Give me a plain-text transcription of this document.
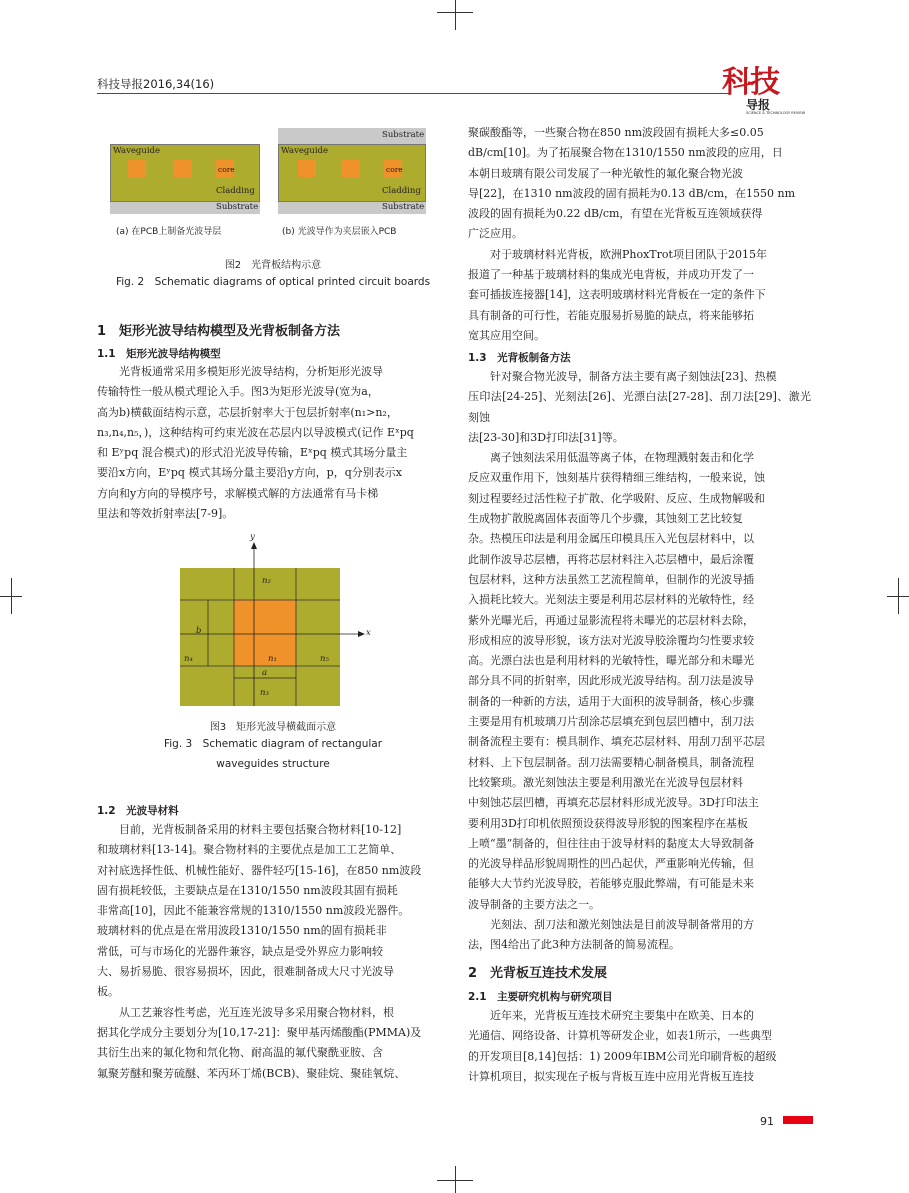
科技导报2016,34(16)	科技
导报
SCIENCE & TECHNOLOGY REVIEW
Waveguide
core
Cladding
Substrate
(a) 在PCB上制备光波导层
Substrate
Waveguide
core
Cladding
Substrate
(b) 光波导作为夹层嵌入PCB
图2　光背板结构示意
Fig. 2　Schematic diagrams of optical printed circuit boards
1　矩形光波导结构模型及光背板制备方法
1.1　矩形光波导结构模型

光背板通常采用多模矩形光波导结构，分析矩形光波导

传输特性一般从模式理论入手。图3为矩形光波导(宽为a，

高为b)横截面结构示意，芯层折射率大于包层折射率(n₁>n₂，

n₃,n₄,n₅，)，这种结构可约束光波在芯层内以导波模式(记作 Eˣpq

和 Eʸpq 混合模式)的形式沿光波导传输，Eˣpq 模式其场分量主

要沿x方向，Eʸpq 模式其场分量主要沿y方向，p，q分别表示x

方向和y方向的导模序号，求解模式解的方法通常有马卡梯

里法和等效折射率法[7-9]。

y
x
n₂
n₁
n₄	n₅
n₃
a
b
图3　矩形光波导横截面示意
Fig. 3　Schematic diagram of rectangular
waveguides structure
1.2　光波导材料

目前，光背板制备采用的材料主要包括聚合物材料[10-12]

和玻璃材料[13-14]。聚合物材料的主要优点是加工工艺简单、

对衬底选择性低、机械性能好、器件轻巧[15-16]，在850 nm波段

固有损耗较低，主要缺点是在1310/1550 nm波段其固有损耗

非常高[10]，因此不能兼容常规的1310/1550 nm波段光器件。

玻璃材料的优点是在常用波段1310/1550 nm的固有损耗非

常低，可与市场化的光器件兼容，缺点是受外界应力影响较

大、易折易脆、很容易损坏，因此，很难制备成大尺寸光波导

板。

从工艺兼容性考虑，光互连光波导多采用聚合物材料，根

据其化学成分主要划分为[10,17-21]：聚甲基丙烯酸酯(PMMA)及

其衍生出来的氟化物和氘化物、耐高温的氟代聚酰亚胺、含

氟聚芳醚和聚芳硫醚、苯丙环丁烯(BCB)、聚硅烷、聚硅氧烷、

聚碳酸酯等，一些聚合物在850 nm波段固有损耗大多≤0.05

dB/cm[10]。为了拓展聚合物在1310/1550 nm波段的应用，日

本朝日玻璃有限公司发展了一种光敏性的氟化聚合物光波

导[22]，在1310 nm波段的固有损耗为0.13 dB/cm，在1550 nm

波段的固有损耗为0.22 dB/cm，有望在光背板互连领域获得

广泛应用。

对于玻璃材料光背板，欧洲PhoxTrot项目团队于2015年

报道了一种基于玻璃材料的集成光电背板，并成功开发了一

套可插拔连接器[14]，这表明玻璃材料光背板在一定的条件下

具有制备的可行性，若能克服易折易脆的缺点，将来能够拓

宽其应用空间。

1.3　光背板制备方法

针对聚合物光波导，制备方法主要有离子刻蚀法[23]、热模

压印法[24-25]、光刻法[26]、光漂白法[27-28]、刮刀法[29]、激光刻蚀

法[23-30]和3D打印法[31]等。

离子蚀刻法采用低温等离子体，在物理溅射轰击和化学

反应双重作用下，蚀刻基片获得精细三维结构，一般来说，蚀

刻过程要经过活性粒子扩散、化学吸附、反应、生成物解吸和

生成物扩散脱离固体表面等几个步骤，其蚀刻工艺比较复

杂。热模压印法是利用金属压印模具压入光包层材料中，以

此制作波导芯层槽，再将芯层材料注入芯层槽中，最后涂覆

包层材料，这种方法虽然工艺流程简单，但制作的光波导插

入损耗比较大。光刻法主要是利用芯层材料的光敏特性，经

紫外光曝光后，再通过显影流程将未曝光的芯层材料去除，

形成相应的波导形貌，该方法对光波导胶涂覆均匀性要求较

高。光漂白法也是利用材料的光敏特性，曝光部分和未曝光

部分具不同的折射率，因此形成光波导结构。刮刀法是波导

制备的一种新的方法，适用于大面积的波导制备，核心步骤

主要是用有机玻璃刀片刮涂芯层填充到包层凹槽中，刮刀法

制备流程主要有：模具制作、填充芯层材料、用刮刀刮平芯层

材料、上下包层制备。刮刀法需要精心制备模具，制备流程

比较繁琐。激光刻蚀法主要是利用激光在光波导包层材料

中刻蚀芯层凹槽，再填充芯层材料形成光波导。3D打印法主

要利用3D打印机依照预设获得波导形貌的图案程序在基板

上喷“墨”制备的，但往往由于波导材料的黏度太大导致制备

的光波导样品形貌周期性的凹凸起伏，严重影响光传输，但

能够大大节约光波导胶，若能够克服此弊端，有可能是未来

波导制备的主要方法之一。

光刻法、刮刀法和激光刻蚀法是目前波导制备常用的方

法，图4给出了此3种方法制备的简易流程。

2　光背板互连技术发展
2.1　主要研究机构与研究项目

近年来，光背板互连技术研究主要集中在欧美、日本的

光通信、网络设备、计算机等研发企业，如表1所示，一些典型

的开发项目[8,14]包括：1) 2009年IBM公司光印刷背板的超级

计算机项目，拟实现在子板与背板互连中应用光背板互连技

91
